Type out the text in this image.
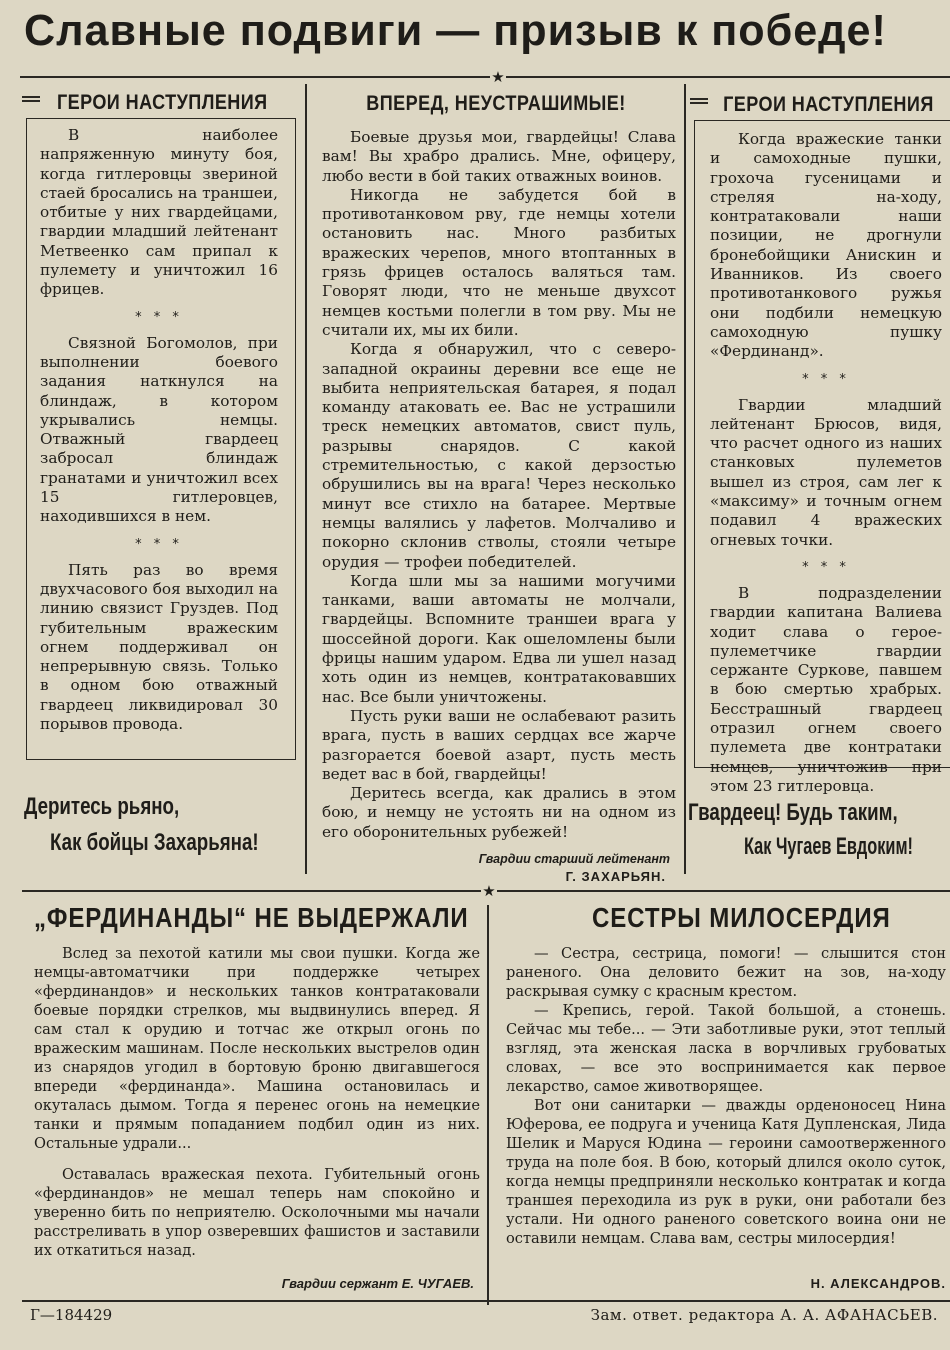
Славные подвиги — призыв к победе!
★
ГЕРОИ НАСТУПЛЕНИЯ

В наиболее напряженную минуту боя, когда гитлеровцы звериной стаей бросались на траншеи, отбитые у них гвардейцами, гвардии младший лейтенант Метвеенко сам припал к пулемету и уничтожил 16 фрицев.

* * *

Связной Богомолов, при выполнении боевого задания наткнулся на блиндаж, в котором укрывались немцы. Отважный гвардеец забросал блиндаж гранатами и уничтожил всех 15 гитлеровцев, находившихся в нем.

* * *

Пять раз во время двухчасового боя выходил на линию связист Груздев. Под губительным вражеским огнем поддерживал он непрерывную связь. Только в одном бою отважный гвардеец ликвидировал 30 порывов провода.

ВПЕРЕД, НЕУСТРАШИМЫЕ!

Боевые друзья мои, гвардейцы! Слава вам! Вы храбро дрались. Мне, офицеру, любо вести в бой таких отважных воинов.

Никогда не забудется бой в противотанковом рву, где немцы хотели остановить нас. Много разбитых вражеских черепов, много втоптанных в грязь фрицев осталось валяться там. Говорят люди, что не меньше двухсот немцев костьми полегли в том рву. Мы не считали их, мы их били.

Когда я обнаружил, что с северо-западной окраины деревни все еще не выбита неприятельская батарея, я подал команду атаковать ее. Вас не устрашили треск немецких автоматов, свист пуль, разрывы снарядов. С какой стремительностью, с какой дерзостью обрушились вы на врага! Через несколько минут все стихло на батарее. Мертвые немцы валялись у лафетов. Молчаливо и покорно склонив стволы, стояли четыре орудия — трофеи победителей.

Когда шли мы за нашими могучими танками, ваши автоматы не молчали, гвардейцы. Вспомните траншеи врага у шоссейной дороги. Как ошеломлены были фрицы нашим ударом. Едва ли ушел назад хоть один из немцев, контратаковавших нас. Все были уничтожены.

Пусть руки ваши не ослабевают разить врага, пусть в ваших сердцах все жарче разгорается боевой азарт, пусть месть ведет вас в бой, гвардейцы!

Деритесь всегда, как дрались в этом бою, и немцу не устоять ни на одном из его оборонительных рубежей!

Гвардии старший лейтенант
Г. ЗАХАРЬЯН.
ГЕРОИ НАСТУПЛЕНИЯ

Когда вражеские танки и самоходные пушки, грохоча гусеницами и стреляя на-ходу, контратаковали наши позиции, не дрогнули бронебойщики Анискин и Иванников. Из своего противотанкового ружья они подбили немецкую самоходную пушку «Фердинанд».

* * *

Гвардии младший лейтенант Брюсов, видя, что расчет одного из наших станковых пулеметов вышел из строя, сам лег к «максиму» и точным огнем подавил 4 вражеских огневых точки.

* * *

В подразделении гвардии капитана Валиева ходит слава о герое-пулеметчике гвардии сержанте Суркове, павшем в бою смертью храбрых. Бесстрашный гвардеец отразил огнем своего пулемета две контратаки немцев, уничтожив при этом 23 гитлеровца.

Деритесь рьяно,
Как бойцы Захарьяна!
Гвардеец! Будь таким,
Как Чугаев Евдоким!
★
„ФЕРДИНАНДЫ“ НЕ ВЫДЕРЖАЛИ

Вслед за пехотой катили мы свои пушки. Когда же немцы-автоматчики при поддержке четырех «фердинандов» и нескольких танков контратаковали боевые порядки стрелков, мы выдвинулись вперед. Я сам стал к орудию и тотчас же открыл огонь по вражеским машинам. После нескольких выстрелов один из снарядов угодил в бортовую броню двигавшегося впереди «фердинанда». Машина остановилась и окуталась дымом. Тогда я перенес огонь на немецкие танки и прямым попаданием подбил один из них. Остальные удрали...

Оставалась вражеская пехота. Губительный огонь «фердинандов» не мешал теперь нам спокойно и уверенно бить по неприятелю. Осколочными мы начали расстреливать в упор озверевших фашистов и заставили их откатиться назад.

Гвардии сержант Е. ЧУГАЕВ.
СЕСТРЫ МИЛОСЕРДИЯ

— Сестра, сестрица, помоги! — слышится стон раненого. Она деловито бежит на зов, на-ходу раскрывая сумку с красным крестом.

— Крепись, герой. Такой большой, а стонешь. Сейчас мы тебе... — Эти заботливые руки, этот теплый взгляд, эта женская ласка в ворчливых грубоватых словах, — все это воспринимается как первое лекарство, самое животворящее.

Вот они санитарки — дважды орденоносец Нина Юферова, ее подруга и ученица Катя Дупленская, Лида Шелик и Маруся Юдина — героини самоотверженного труда на поле боя. В бою, который длился около суток, когда немцы предприняли несколько контратак и когда траншея переходила из рук в руки, они работали без устали. Ни одного раненого советского воина они не оставили немцам. Слава вам, сестры милосердия!

Н. АЛЕКСАНДРОВ.
Г—184429	Зам. ответ. редактора А. А. АФАНАСЬЕВ.
